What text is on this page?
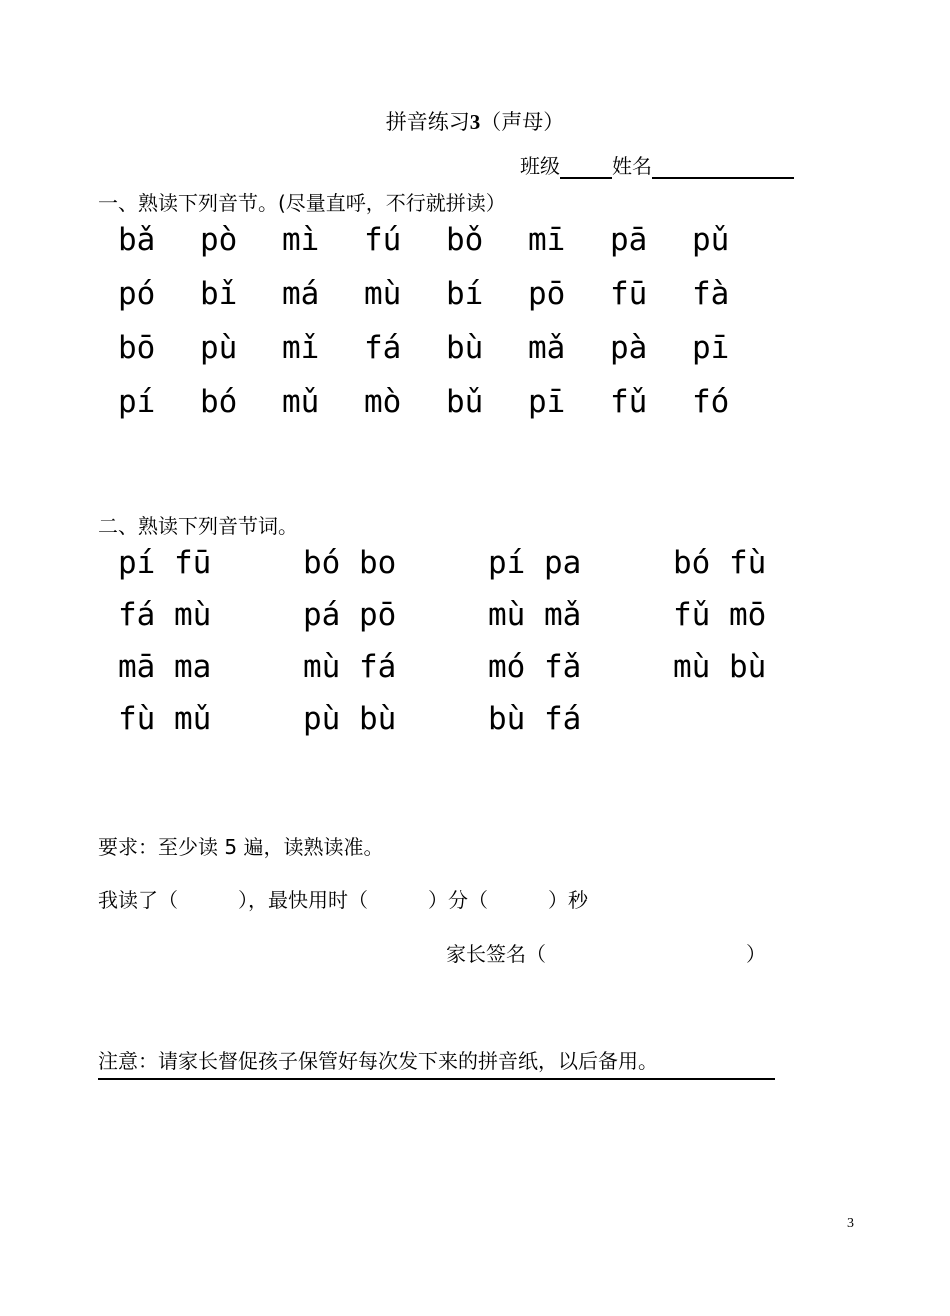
拼音练习3（声母）
班级	姓名
一、熟读下列音节。(尽量直呼，不行就拼读）
bǎ	pò	mì	fú	bǒ	mī	pā	pǔ
pó	bǐ	má	mù	bí	pō	fū	fà
bō	pù	mǐ	fá	bù	mǎ	pà	pī
pí	bó	mǔ	mò	bǔ	pī	fǔ	fó
二、熟读下列音节词。
pí fū	bó bo	pí pa	bó fù
fá mù	pá pō	mù mǎ	fǔ mō
mā ma	mù fá	mó fǎ	mù bù
fù mǔ	pù bù	bù fá
要求：至少读 5 遍，读熟读准。
我读了（　　　），最快用时（　　　）分（　　　）秒
家长签名（　　　　　　　　　　）
注意：请家长督促孩子保管好每次发下来的拼音纸，以后备用。
3
